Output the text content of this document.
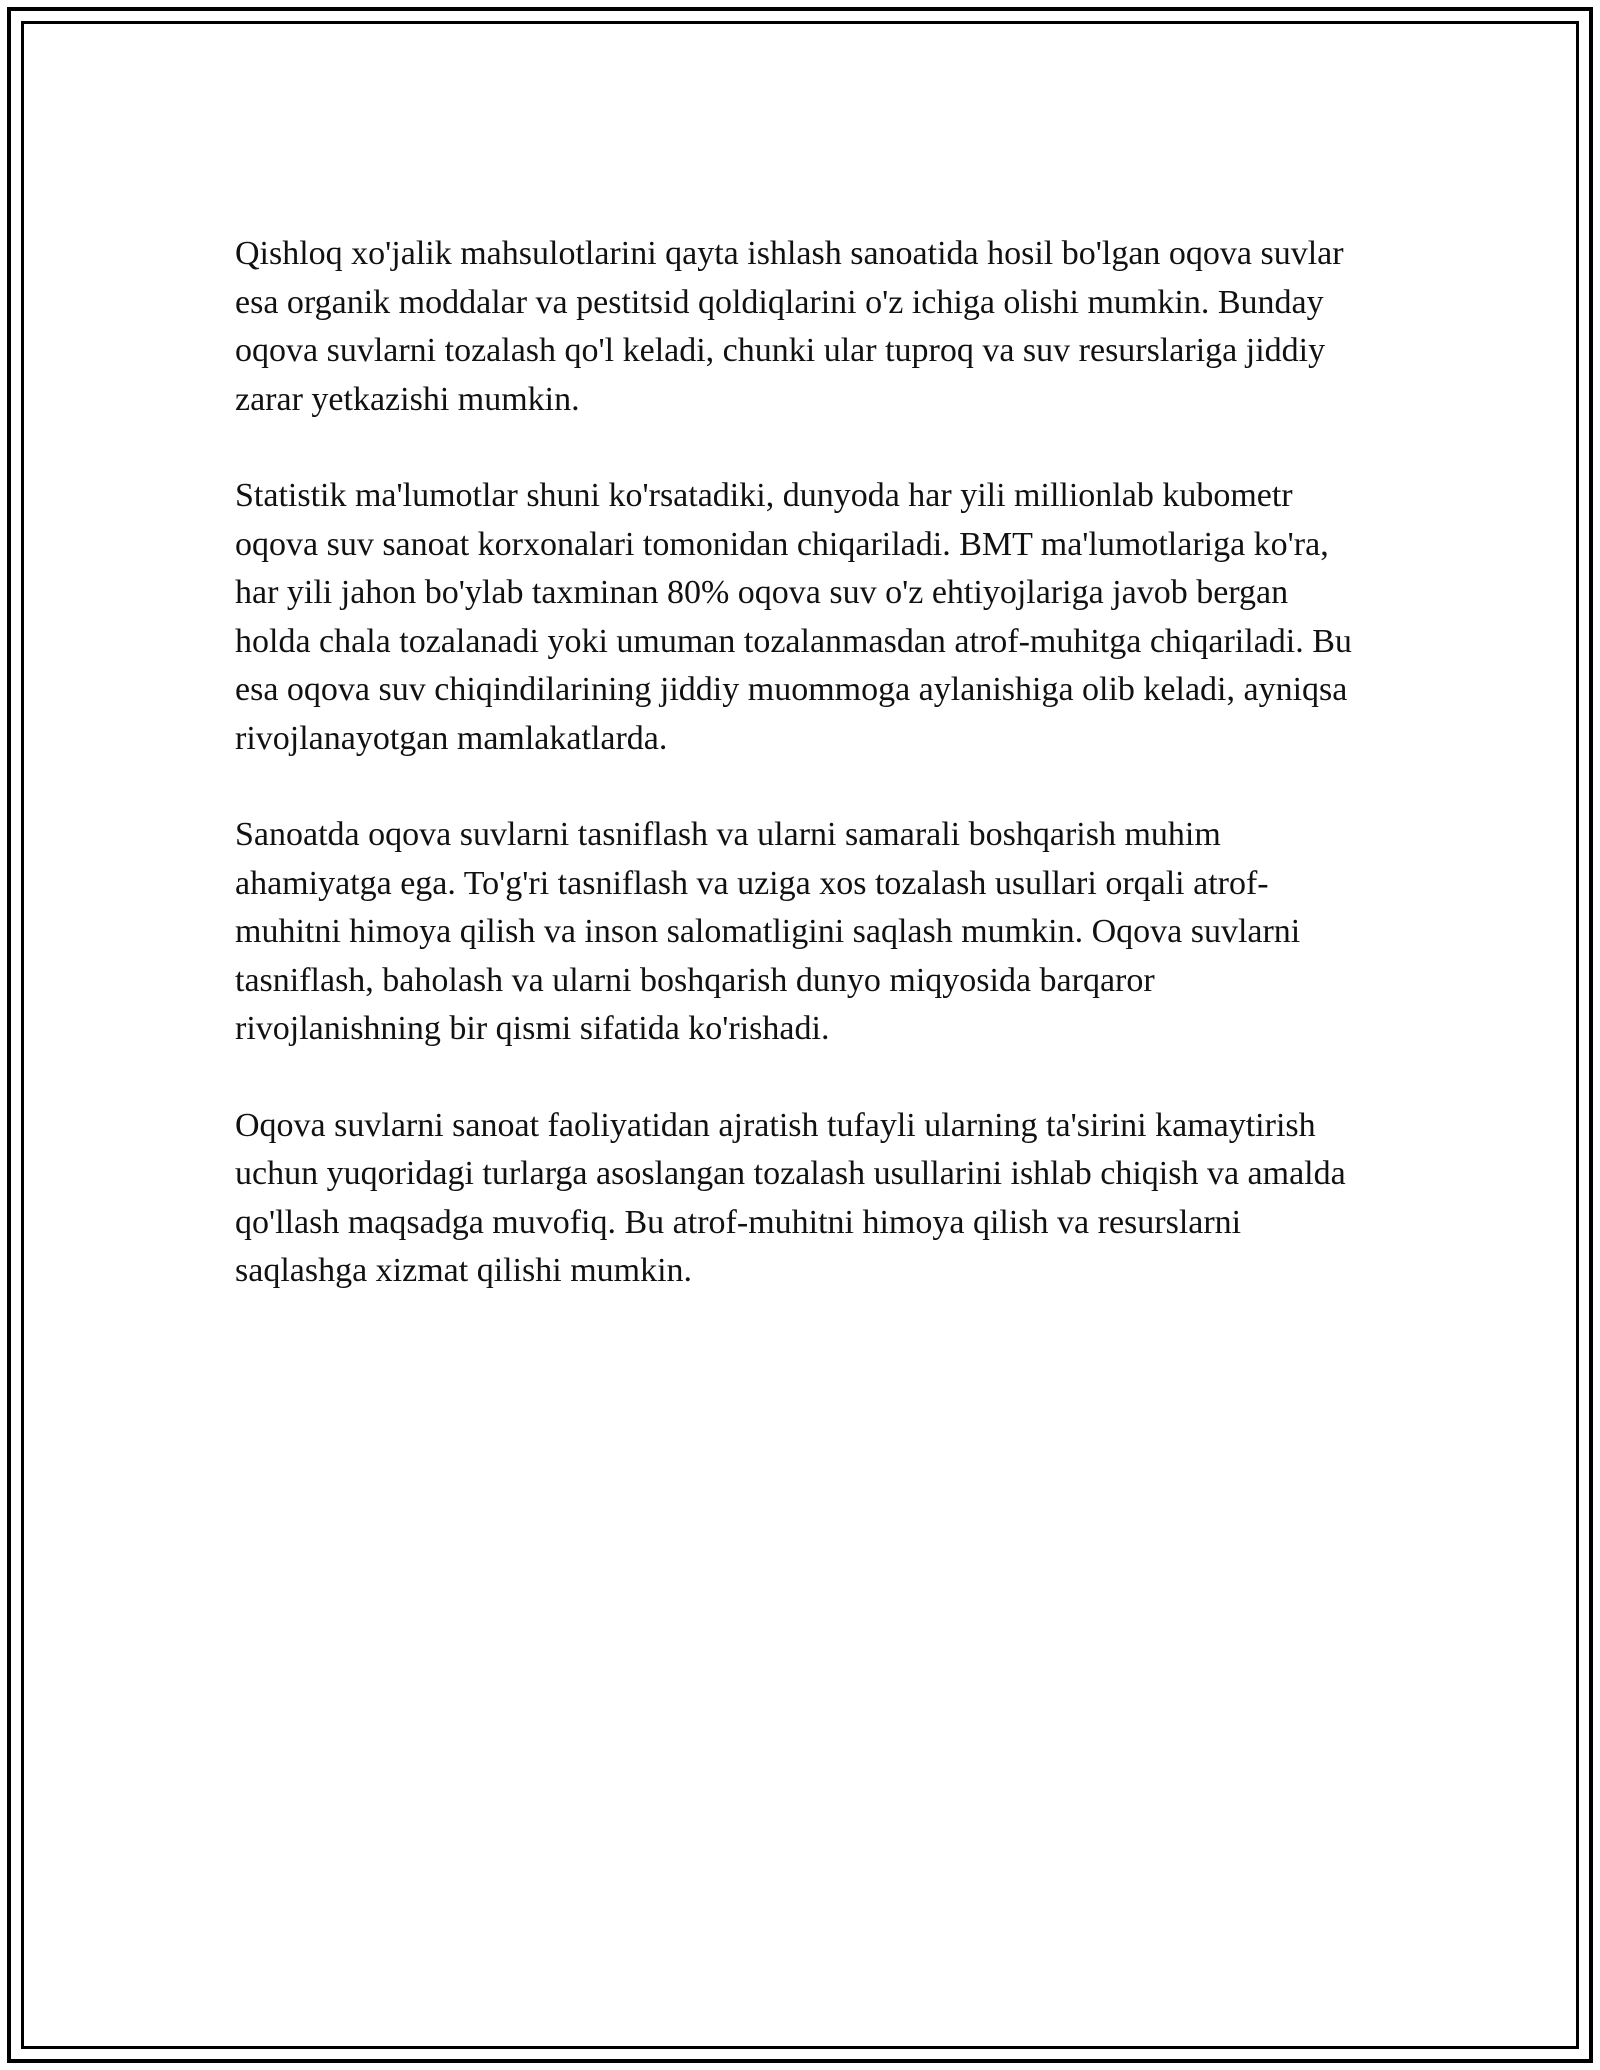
Qishloq xo'jalik mahsulotlarini qayta ishlash sanoatida hosil bo'lgan oqova suvlar esa organik moddalar va pestitsid qoldiqlarini o'z ichiga olishi mumkin. Bunday oqova suvlarni tozalash qo'l keladi, chunki ular tuproq va suv resurslariga jiddiy zarar yetkazishi mumkin.

Statistik ma'lumotlar shuni ko'rsatadiki, dunyoda har yili millionlab kubometr oqova suv sanoat korxonalari tomonidan chiqariladi. BMT ma'lumotlariga ko'ra, har yili jahon bo'ylab taxminan 80% oqova suv o'z ehtiyojlariga javob bergan holda chala tozalanadi yoki umuman tozalanmasdan atrof-muhitga chiqariladi. Bu esa oqova suv chiqindilarining jiddiy muommoga aylanishiga olib keladi, ayniqsa rivojlanayotgan mamlakatlarda.

Sanoatda oqova suvlarni tasniflash va ularni samarali boshqarish muhim ahamiyatga ega. To'g'ri tasniflash va uziga xos tozalash usullari orqali atrof-muhitni himoya qilish va inson salomatligini saqlash mumkin. Oqova suvlarni tasniflash, baholash va ularni boshqarish dunyo miqyosida barqaror rivojlanishning bir qismi sifatida ko'rishadi.

Oqova suvlarni sanoat faoliyatidan ajratish tufayli ularning ta'sirini kamaytirish uchun yuqoridagi turlarga asoslangan tozalash usullarini ishlab chiqish va amalda qo'llash maqsadga muvofiq. Bu atrof-muhitni himoya qilish va resurslarni saqlashga xizmat qilishi mumkin.
